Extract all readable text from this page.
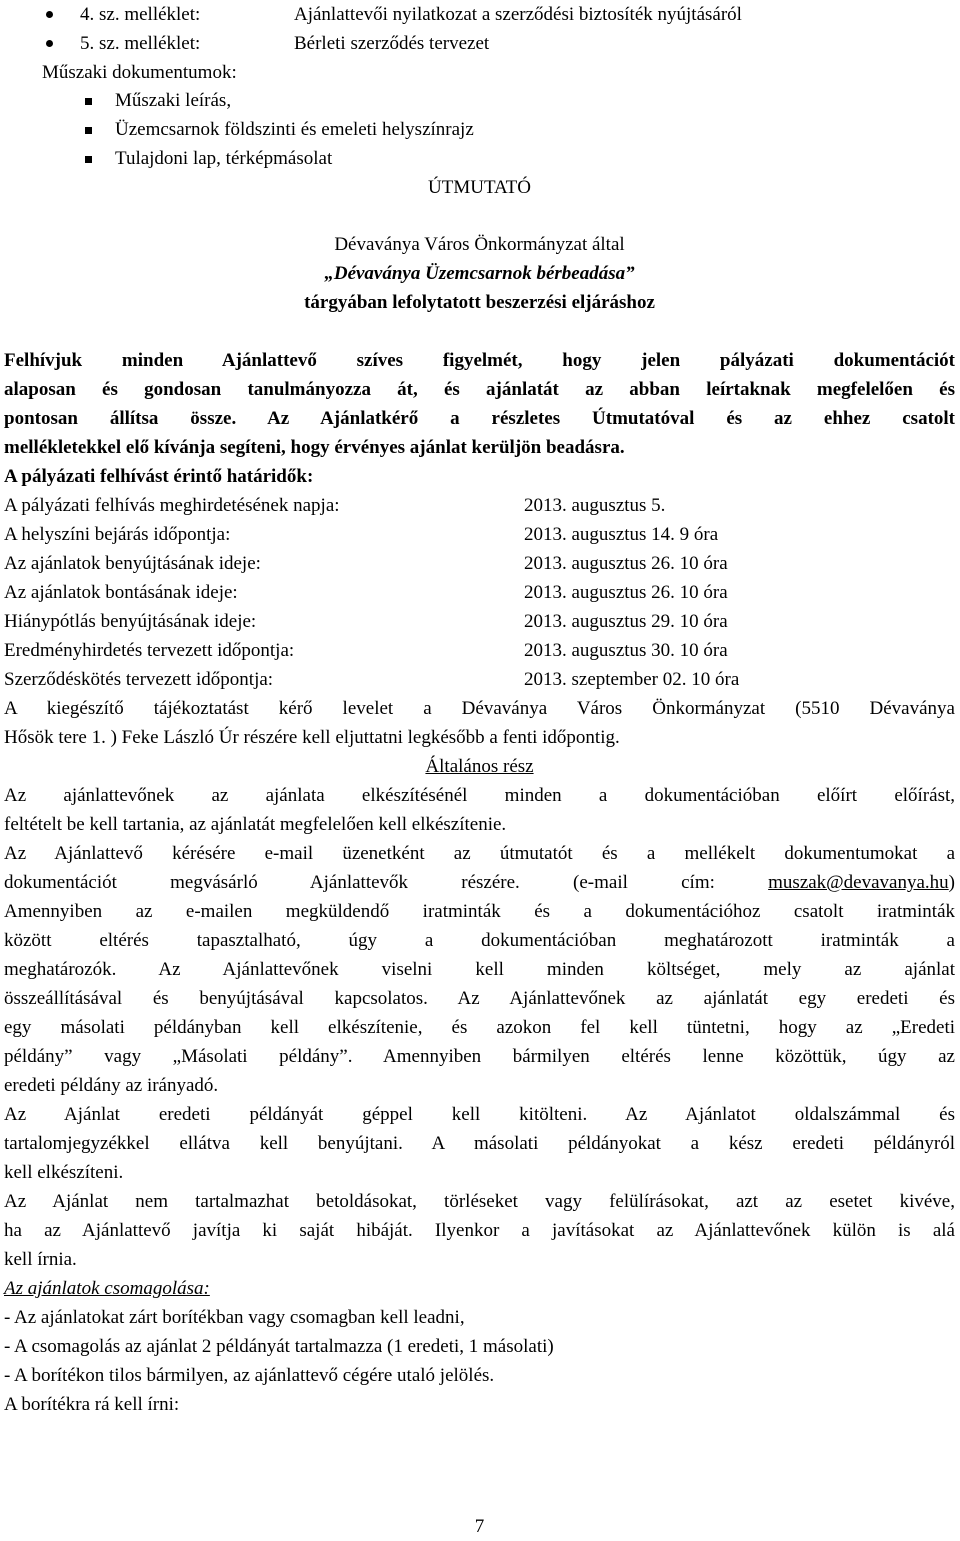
4. sz. melléklet:	Ajánlattevői nyilatkozat a szerződési biztosíték nyújtásáról
5. sz. melléklet:	Bérleti szerződés tervezet
Műszaki dokumentumok:
Műszaki leírás,
Üzemcsarnok földszinti és emeleti helyszínrajz
Tulajdoni lap, térképmásolat
ÚTMUTATÓ
Dévaványa Város Önkormányzat által
„Dévaványa Üzemcsarnok bérbeadása”
tárgyában lefolytatott beszerzési eljáráshoz
Felhívjuk minden Ajánlattevő szíves figyelmét, hogy jelen pályázati dokumentációt
alaposan és gondosan tanulmányozza át, és ajánlatát az abban leírtaknak megfelelően és
pontosan állítsa össze. Az Ajánlatkérő a részletes Útmutatóval és az ehhez csatolt
mellékletekkel elő kívánja segíteni, hogy érvényes ajánlat kerüljön beadásra.
A pályázati felhívást érintő határidők:
A pályázati felhívás meghirdetésének napja:	2013. augusztus 5.
A helyszíni bejárás időpontja:	2013. augusztus 14. 9 óra
Az ajánlatok benyújtásának ideje:	2013. augusztus 26. 10 óra
Az ajánlatok bontásának ideje:	2013. augusztus 26. 10 óra
Hiánypótlás benyújtásának ideje:	2013. augusztus 29. 10 óra
Eredményhirdetés tervezett időpontja:	2013. augusztus 30. 10 óra
Szerződéskötés tervezett időpontja:	2013. szeptember 02. 10 óra
A kiegészítő tájékoztatást kérő levelet a Dévaványa Város Önkormányzat (5510 Dévaványa
Hősök tere 1. ) Feke László Úr részére kell eljuttatni legkésőbb a fenti időpontig.
Általános rész
Az ajánlattevőnek az ajánlata elkészítésénél minden a dokumentációban előírt előírást,
feltételt be kell tartania, az ajánlatát megfelelően kell elkészítenie.
Az Ajánlattevő kérésére e-mail üzenetként az útmutatót és a mellékelt dokumentumokat a
dokumentációt megvásárló Ajánlattevők részére. (e-mail cím: muszak@devavanya.hu)
Amennyiben az e-mailen megküldendő iratminták és a dokumentációhoz csatolt iratminták
között eltérés tapasztalható, úgy a dokumentációban meghatározott iratminták a
meghatározók. Az Ajánlattevőnek viselni kell minden költséget, mely az ajánlat
összeállításával és benyújtásával kapcsolatos. Az Ajánlattevőnek az ajánlatát egy eredeti és
egy másolati példányban kell elkészítenie, és azokon fel kell tüntetni, hogy az „Eredeti
példány” vagy „Másolati példány”. Amennyiben bármilyen eltérés lenne közöttük, úgy az
eredeti példány az irányadó.
Az Ajánlat eredeti példányát géppel kell kitölteni. Az Ajánlatot oldalszámmal és
tartalomjegyzékkel ellátva kell benyújtani. A másolati példányokat a kész eredeti példányról
kell elkészíteni.
Az Ajánlat nem tartalmazhat betoldásokat, törléseket vagy felülírásokat, azt az esetet kivéve,
ha az Ajánlattevő javítja ki saját hibáját. Ilyenkor a javításokat az Ajánlattevőnek külön is alá
kell írnia.
Az ajánlatok csomagolása:
- Az ajánlatokat zárt borítékban vagy csomagban kell leadni,
- A csomagolás az ajánlat 2 példányát tartalmazza (1 eredeti, 1 másolati)
- A borítékon tilos bármilyen, az ajánlattevő cégére utaló jelölés.
A borítékra rá kell írni:
7
